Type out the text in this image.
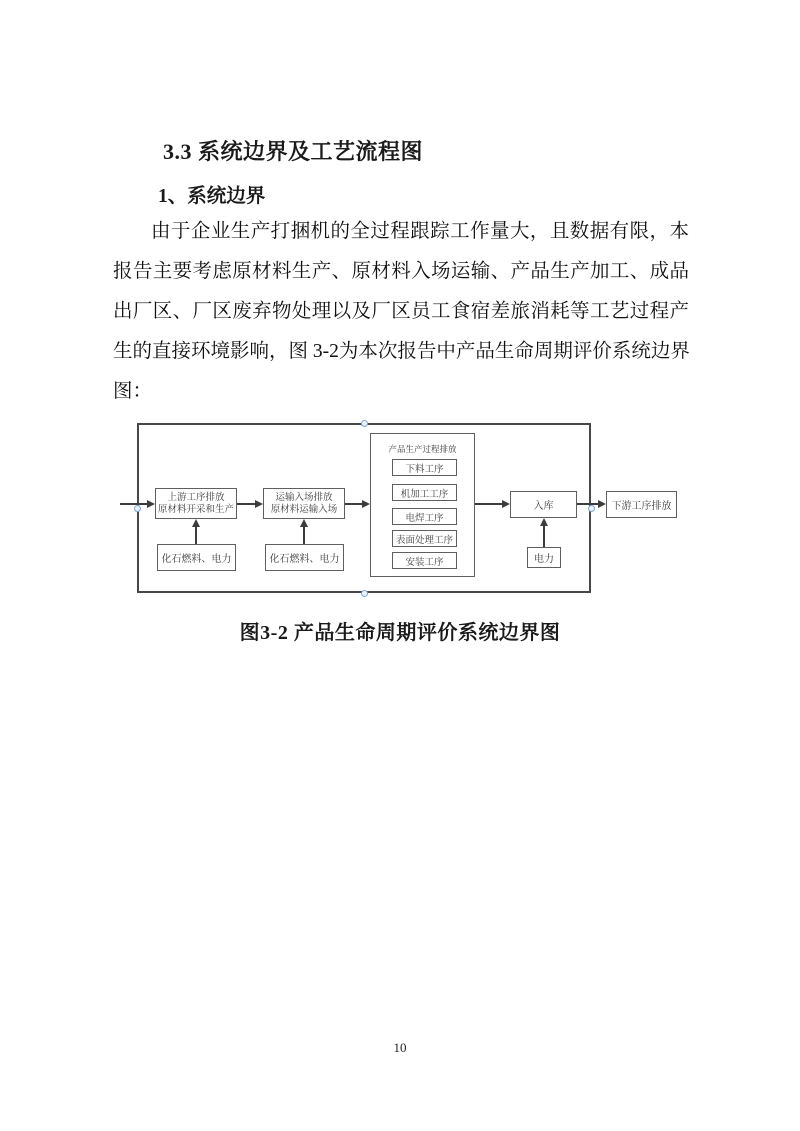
3.3 系统边界及工艺流程图
1、系统边界
由于企业生产打捆机的全过程跟踪工作量大，且数据有限，本
报告主要考虑原材料生产、原材料入场运输、产品生产加工、成品
出厂区、厂区废弃物处理以及厂区员工食宿差旅消耗等工艺过程产
生的直接环境影响，图 3-2为本次报告中产品生命周期评价系统边界
图：
上游工序排放
原材料开采和生产
运输入场排放
原材料运输入场
化石燃料、电力	化石燃料、电力
产品生产过程排放
下料工序
机加工工序
电焊工序
表面处理工序
安装工序
入库
电力
下游工序排放
图3-2 产品生命周期评价系统边界图
10
